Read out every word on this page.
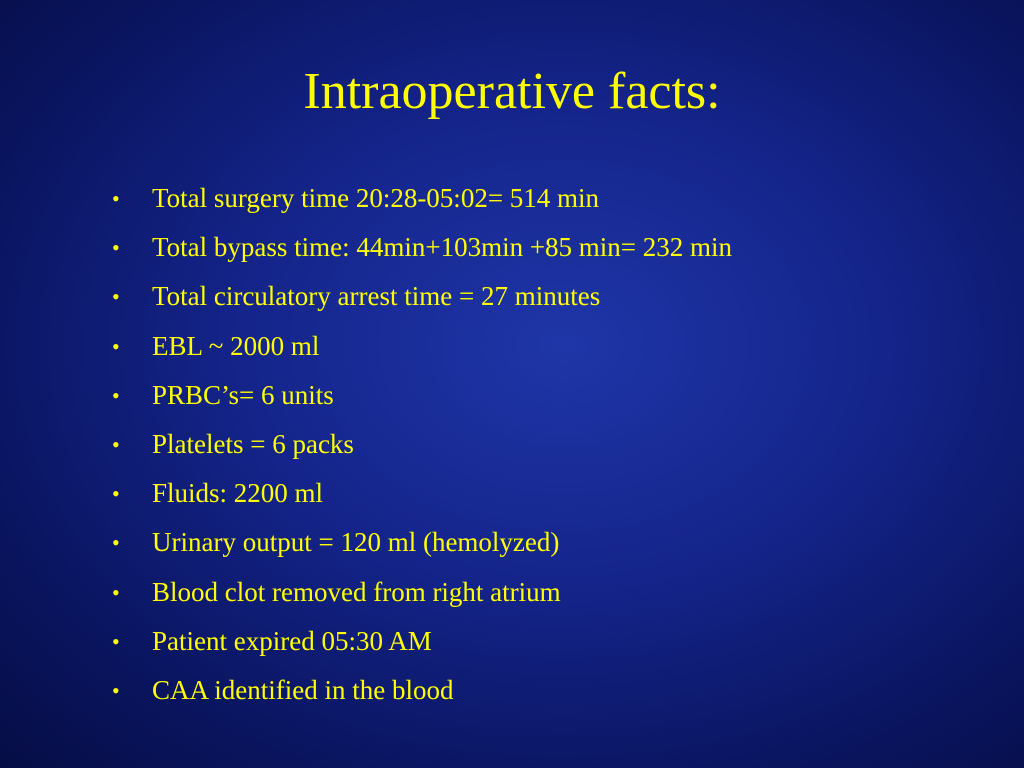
Intraoperative facts:
•	Total surgery time 20:28-05:02= 514 min
•	Total bypass time: 44min+103min +85 min= 232 min
•	Total circulatory arrest time = 27 minutes
•	EBL ~ 2000 ml
•	PRBC’s= 6 units
•	Platelets = 6 packs
•	Fluids: 2200 ml
•	Urinary output = 120 ml (hemolyzed)
•	Blood clot removed from right atrium
•	Patient expired 05:30 AM
•	CAA identified in the blood
